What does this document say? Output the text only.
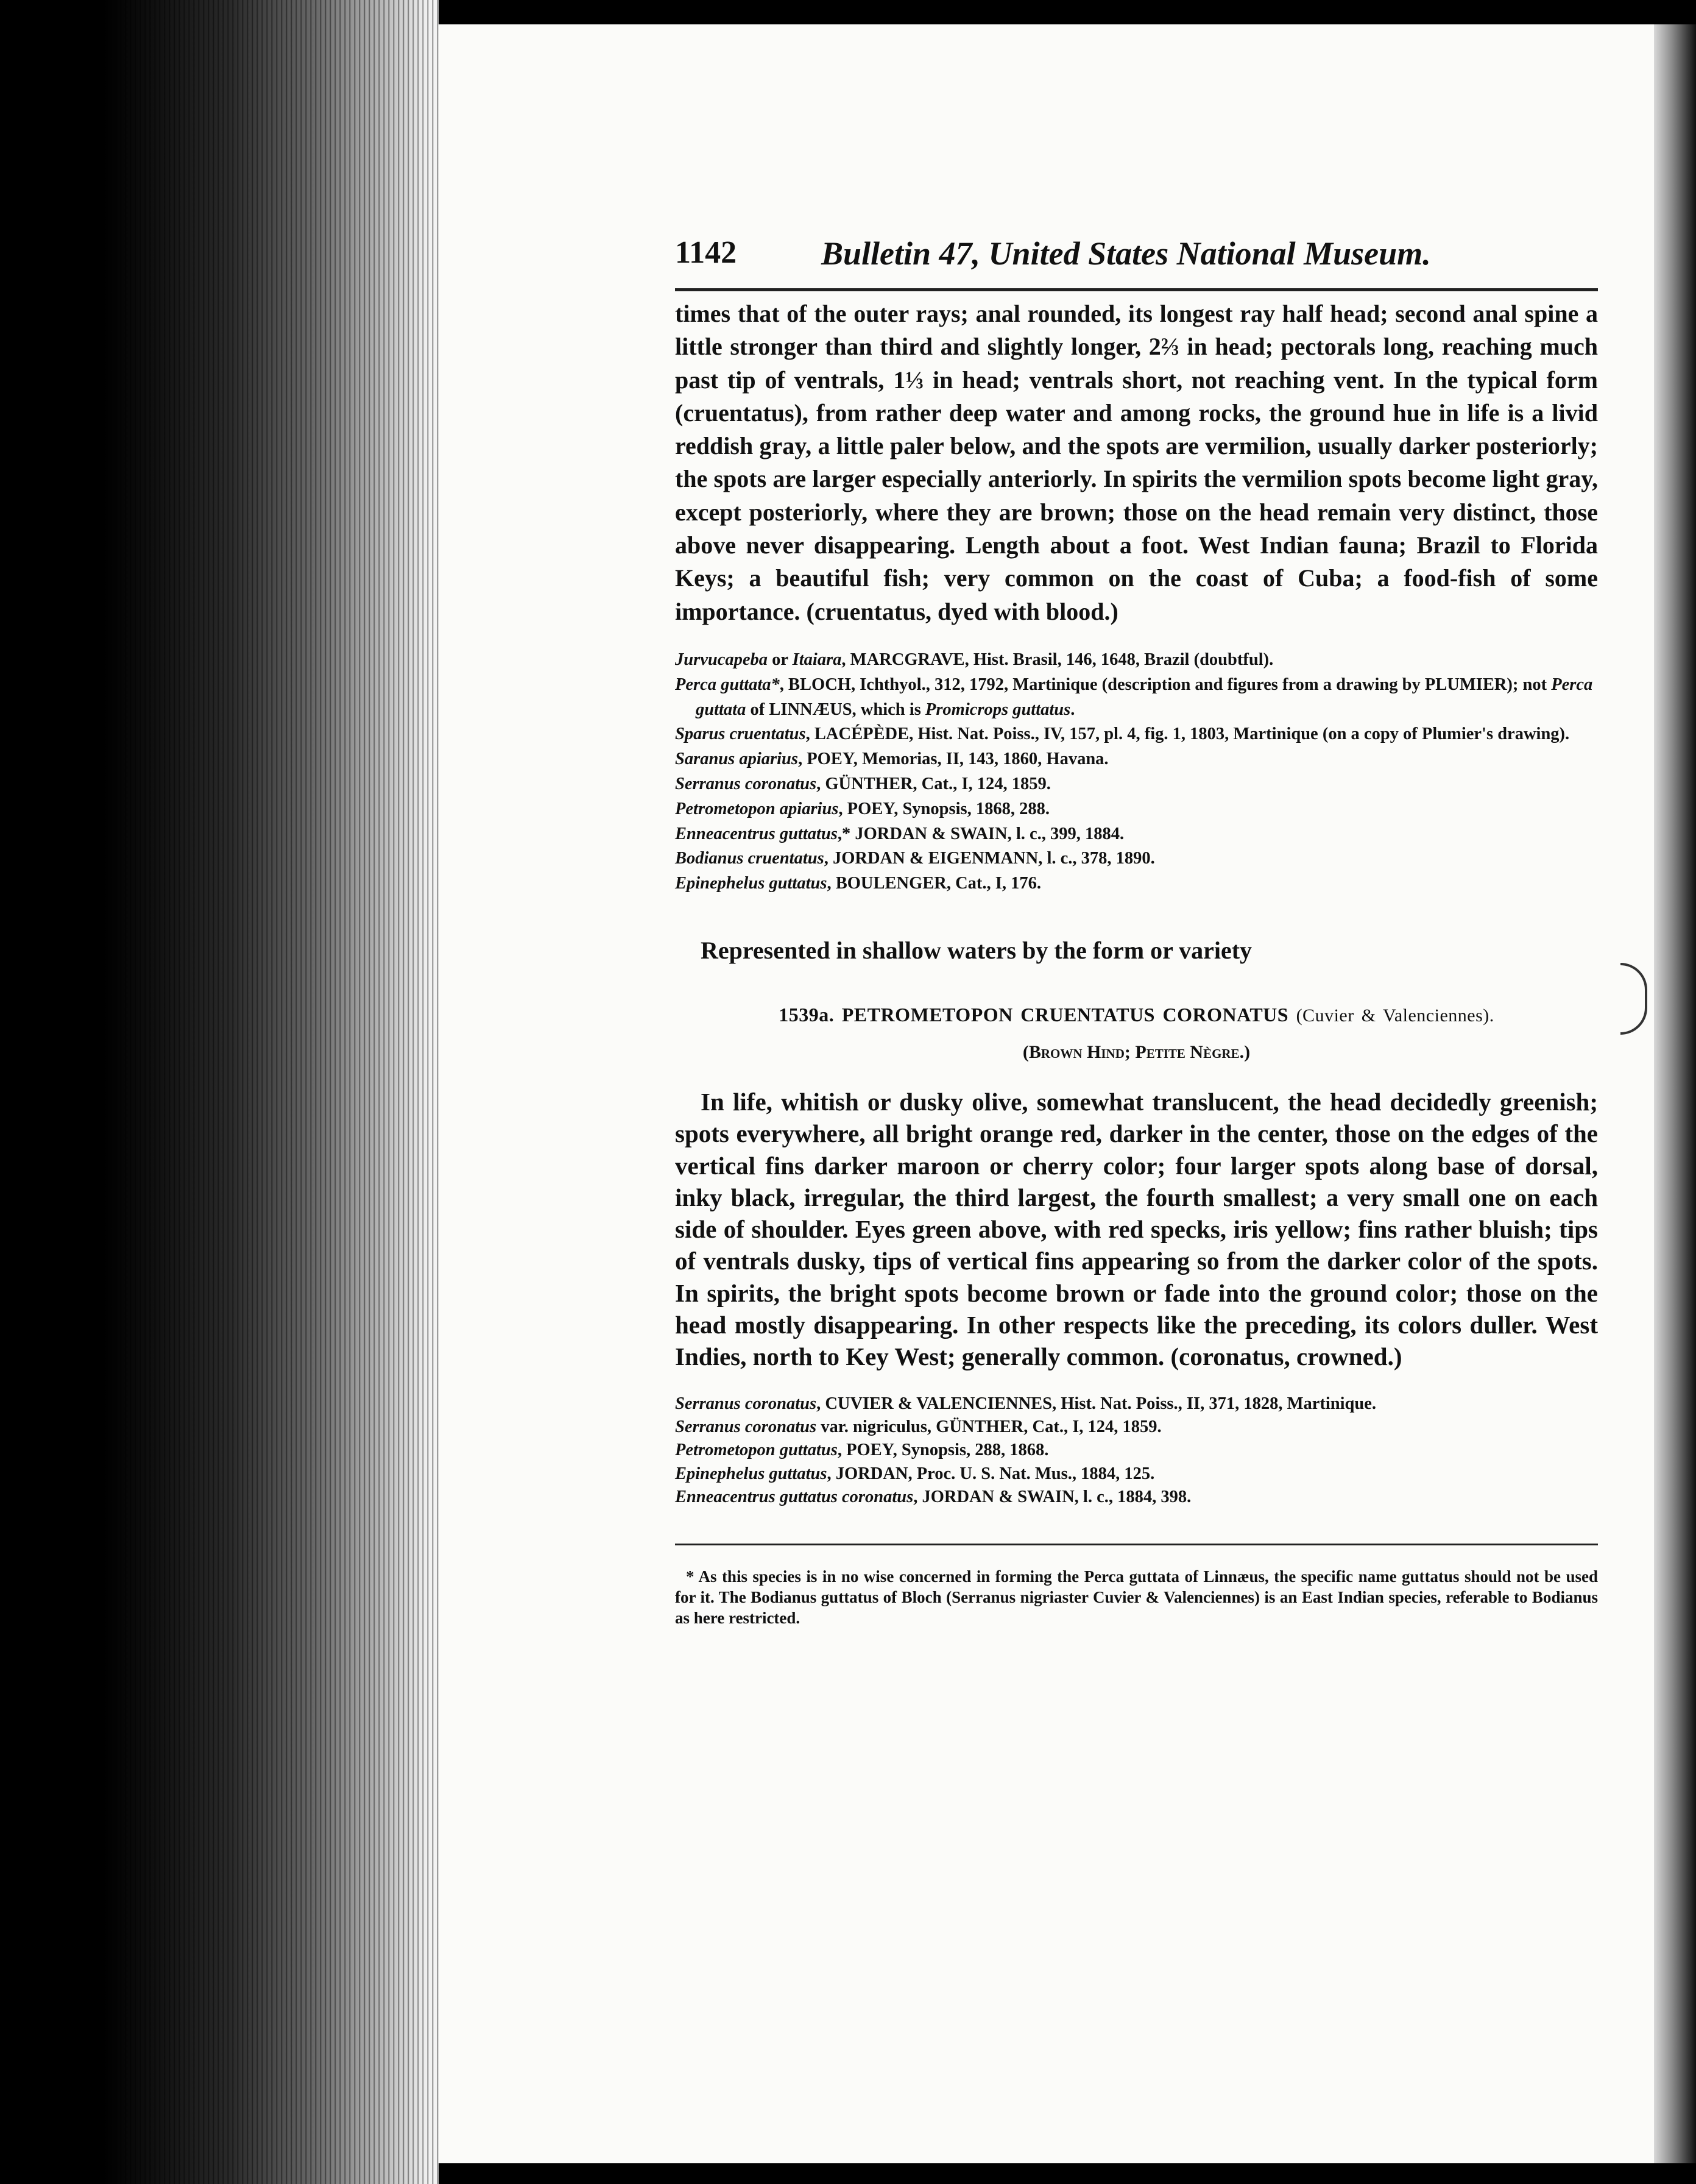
1142	Bulletin 47, United States National Museum.

times that of the outer rays; anal rounded, its longest ray half head; second anal spine a little stronger than third and slightly longer, 2⅔ in head; pectorals long, reaching much past tip of ventrals, 1⅓ in head; ventrals short, not reaching vent. In the typical form (cruentatus), from rather deep water and among rocks, the ground hue in life is a livid reddish gray, a little paler below, and the spots are vermilion, usually darker posteriorly; the spots are larger especially anteriorly. In spirits the vermilion spots become light gray, except posteriorly, where they are brown; those on the head remain very distinct, those above never disappearing. Length about a foot. West Indian fauna; Brazil to Florida Keys; a beautiful fish; very common on the coast of Cuba; a food-fish of some importance. (cruentatus, dyed with blood.)

Jurvucapeba or Itaiara, MARCGRAVE, Hist. Brasil, 146, 1648, Brazil (doubtful).

Perca guttata*, BLOCH, Ichthyol., 312, 1792, Martinique (description and figures from a drawing by PLUMIER); not Perca guttata of LINNÆUS, which is Promicrops guttatus.

Sparus cruentatus, LACÉPÈDE, Hist. Nat. Poiss., IV, 157, pl. 4, fig. 1, 1803, Martinique (on a copy of Plumier's drawing).

Saranus apiarius, POEY, Memorias, II, 143, 1860, Havana.

Serranus coronatus, GÜNTHER, Cat., I, 124, 1859.

Petrometopon apiarius, POEY, Synopsis, 1868, 288.

Enneacentrus guttatus,* JORDAN & SWAIN, l. c., 399, 1884.

Bodianus cruentatus, JORDAN & EIGENMANN, l. c., 378, 1890.

Epinephelus guttatus, BOULENGER, Cat., I, 176.

Represented in shallow waters by the form or variety
1539a. PETROMETOPON CRUENTATUS CORONATUS (Cuvier & Valenciennes).
(Brown Hind; Petite Nègre.)

In life, whitish or dusky olive, somewhat translucent, the head decidedly greenish; spots everywhere, all bright orange red, darker in the center, those on the edges of the vertical fins darker maroon or cherry color; four larger spots along base of dorsal, inky black, irregular, the third largest, the fourth smallest; a very small one on each side of shoulder. Eyes green above, with red specks, iris yellow; fins rather bluish; tips of ventrals dusky, tips of vertical fins appearing so from the darker color of the spots. In spirits, the bright spots become brown or fade into the ground color; those on the head mostly disappearing. In other respects like the preceding, its colors duller. West Indies, north to Key West; generally common. (coronatus, crowned.)

Serranus coronatus, CUVIER & VALENCIENNES, Hist. Nat. Poiss., II, 371, 1828, Martinique.

Serranus coronatus var. nigriculus, GÜNTHER, Cat., I, 124, 1859.

Petrometopon guttatus, POEY, Synopsis, 288, 1868.

Epinephelus guttatus, JORDAN, Proc. U. S. Nat. Mus., 1884, 125.

Enneacentrus guttatus coronatus, JORDAN & SWAIN, l. c., 1884, 398.

* As this species is in no wise concerned in forming the Perca guttata of Linnæus, the specific name guttatus should not be used for it. The Bodianus guttatus of Bloch (Serranus nigriaster Cuvier & Valenciennes) is an East Indian species, referable to Bodianus as here restricted.
